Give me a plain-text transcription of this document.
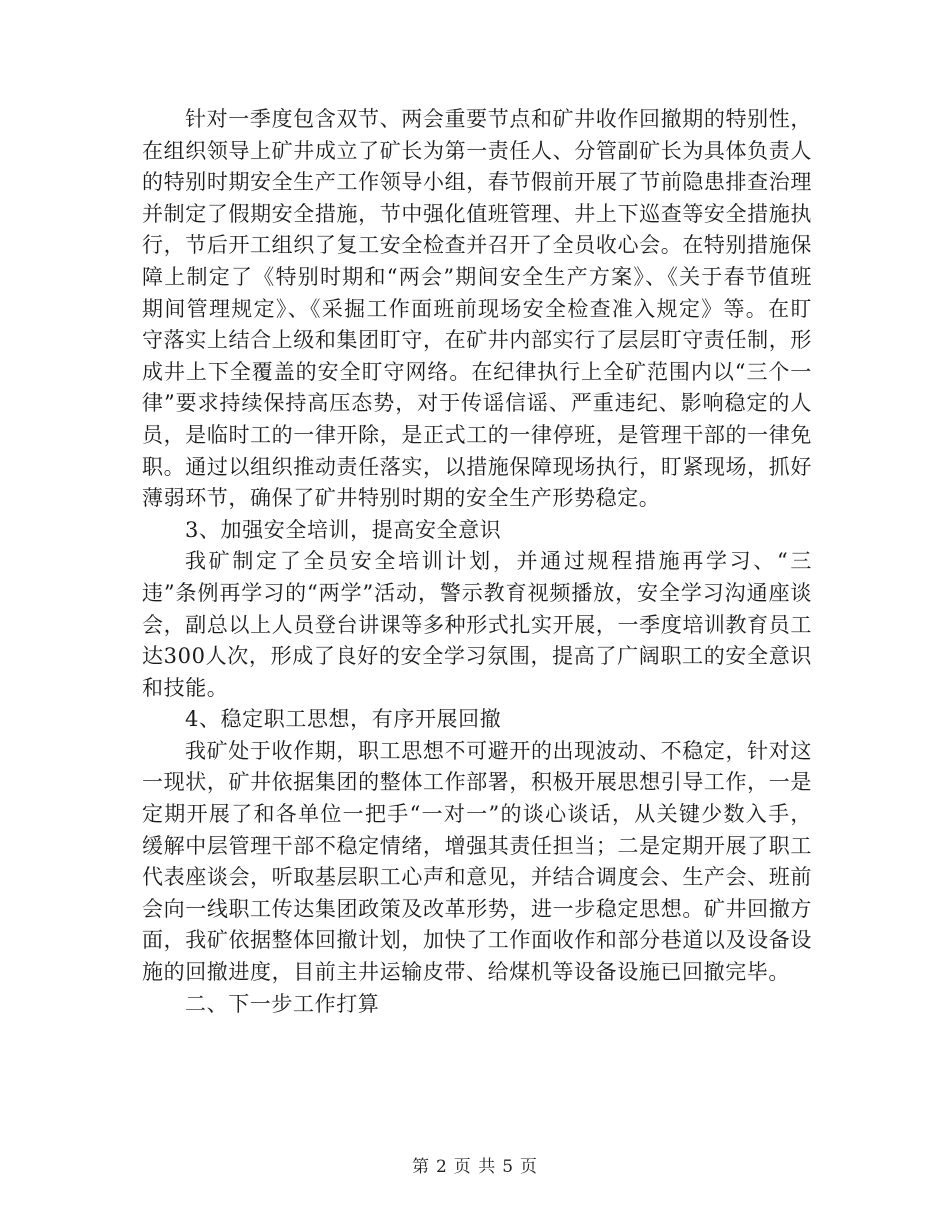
针对一季度包含双节、两会重要节点和矿井收作回撤期的特别性，在组织领导上矿井成立了矿长为第一责任人、分管副矿长为具体负责人的特别时期安全生产工作领导小组，春节假前开展了节前隐患排查治理并制定了假期安全措施，节中强化值班管理、井上下巡查等安全措施执行，节后开工组织了复工安全检查并召开了全员收心会。在特别措施保障上制定了《特别时期和“两会”期间安全生产方案》、《关于春节值班期间管理规定》、《采掘工作面班前现场安全检查准入规定》等。在盯守落实上结合上级和集团盯守，在矿井内部实行了层层盯守责任制，形成井上下全覆盖的安全盯守网络。在纪律执行上全矿范围内以“三个一律”要求持续保持高压态势，对于传谣信谣、严重违纪、影响稳定的人员，是临时工的一律开除，是正式工的一律停班，是管理干部的一律免职。通过以组织推动责任落实，以措施保障现场执行，盯紧现场，抓好薄弱环节，确保了矿井特别时期的安全生产形势稳定。

3、加强安全培训，提高安全意识

我矿制定了全员安全培训计划，并通过规程措施再学习、“三违”条例再学习的“两学”活动，警示教育视频播放，安全学习沟通座谈会，副总以上人员登台讲课等多种形式扎实开展，一季度培训教育员工达300人次，形成了良好的安全学习氛围，提高了广阔职工的安全意识和技能。

4、稳定职工思想，有序开展回撤

我矿处于收作期，职工思想不可避开的出现波动、不稳定，针对这一现状，矿井依据集团的整体工作部署，积极开展思想引导工作，一是定期开展了和各单位一把手“一对一”的谈心谈话，从关键少数入手，缓解中层管理干部不稳定情绪，增强其责任担当；二是定期开展了职工代表座谈会，听取基层职工心声和意见，并结合调度会、生产会、班前会向一线职工传达集团政策及改革形势，进一步稳定思想。矿井回撤方面，我矿依据整体回撤计划，加快了工作面收作和部分巷道以及设备设施的回撤进度，目前主井运输皮带、给煤机等设备设施已回撤完毕。

二、下一步工作打算

第 2 页 共 5 页
